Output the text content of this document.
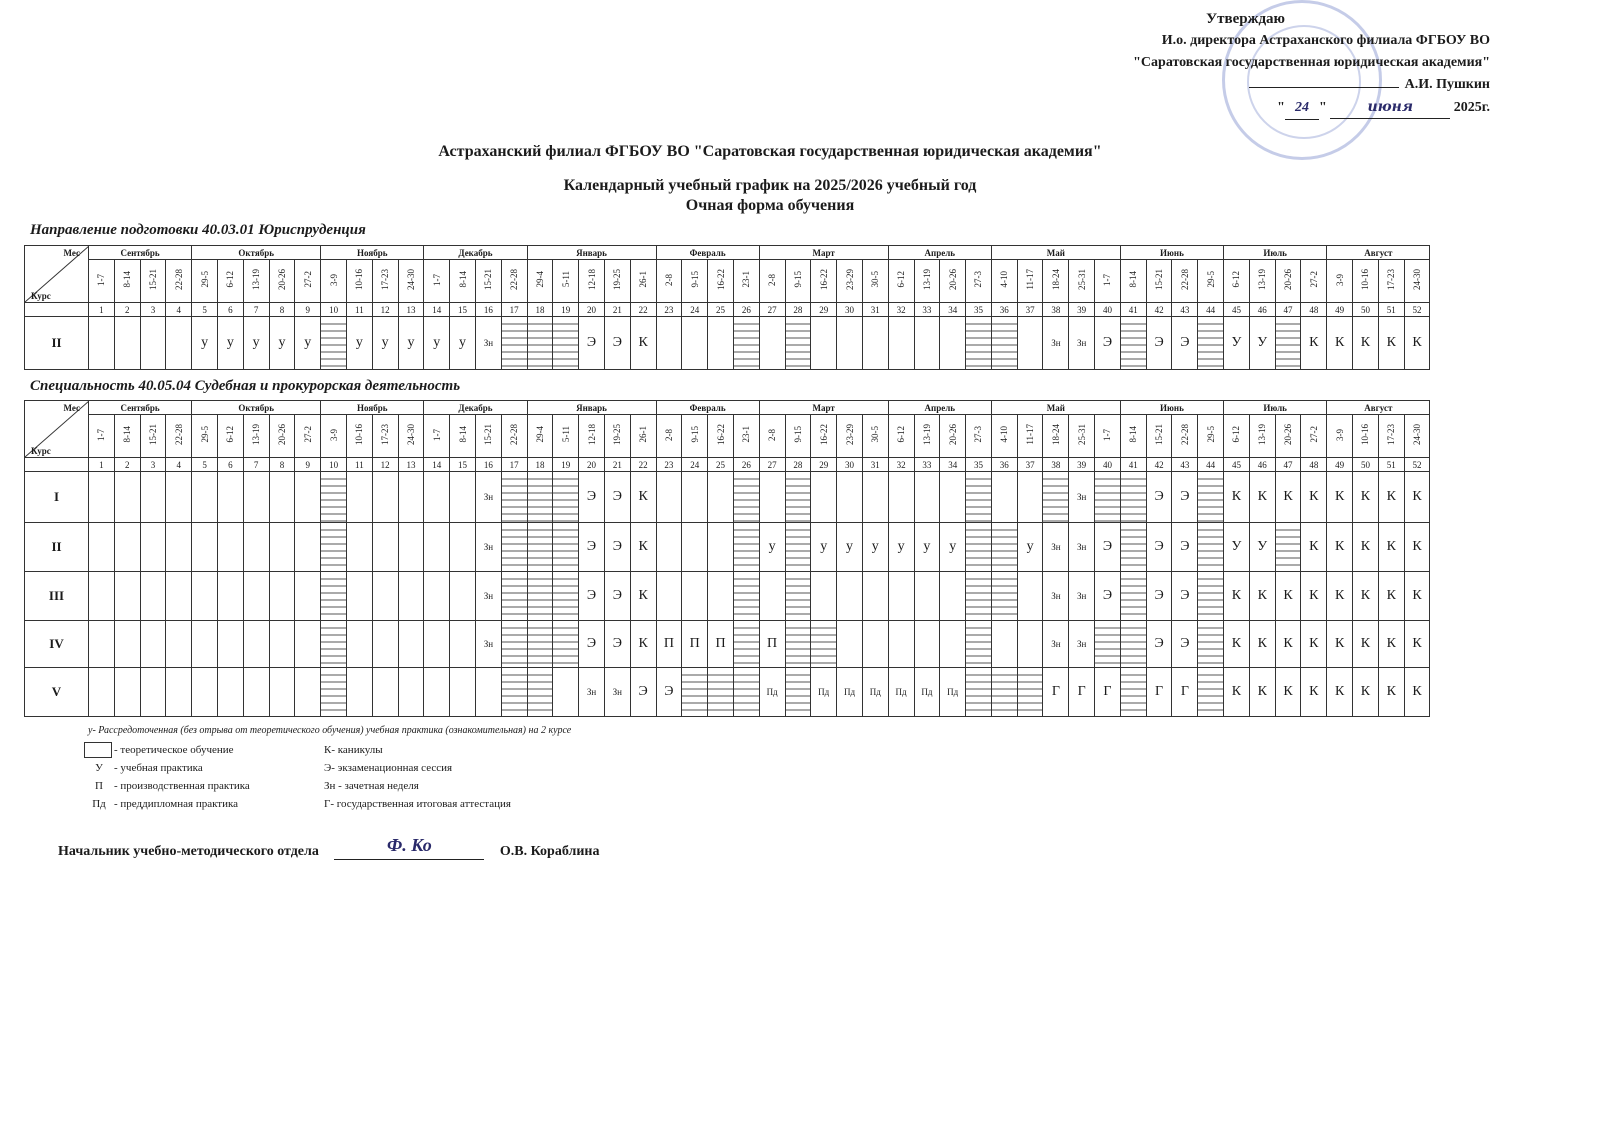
Утверждаю
И.о. директора Астраханского филиала ФГБОУ ВО
"Саратовская государственная юридическая академия"
А.И. Пушкин
" 24 "	июня	2025г.
Астраханский филиал ФГБОУ ВО "Саратовская государственная юридическая академия"
Календарный учебный график на 2025/2026 учебный год
Очная форма обучения
Направление подготовки 40.03.01 Юриспруденция
Мес
Курс	Сентябрь				Октябрь					Ноябрь				Декабрь				Январь					Февраль				Март					Апрель				Май					Июнь				Июль				Август			
	1-7	8-14	15-21	22-28	29-5	6-12	13-19	20-26	27-2	3-9	10-16	17-23	24-30	1-7	8-14	15-21	22-28	29-4	5-11	12-18	19-25	26-1	2-8	9-15	16-22	23-1	2-8	9-15	16-22	23-29	30-5	6-12	13-19	20-26	27-3	4-10	11-17	18-24	25-31	1-7	8-14	15-21	22-28	29-5	6-12	13-19	20-26	27-2	3-9	10-16	17-23	24-30
	1	2	3	4	5	6	7	8	9	10	11	12	13	14	15	16	17	18	19	20	21	22	23	24	25	26	27	28	29	30	31	32	33	34	35	36	37	38	39	40	41	42	43	44	45	46	47	48	49	50	51	52
II					у	у	у	у	у		у	у	у	у	у	Зн				Э	Э	К																Зн	Зн	Э		Э	Э		У	У		К	К	К	К	К
Специальность 40.05.04 Судебная и прокурорская деятельность
Мес
Курс	Сентябрь				Октябрь					Ноябрь				Декабрь				Январь					Февраль				Март					Апрель				Май					Июнь				Июль				Август			
	1-7	8-14	15-21	22-28	29-5	6-12	13-19	20-26	27-2	3-9	10-16	17-23	24-30	1-7	8-14	15-21	22-28	29-4	5-11	12-18	19-25	26-1	2-8	9-15	16-22	23-1	2-8	9-15	16-22	23-29	30-5	6-12	13-19	20-26	27-3	4-10	11-17	18-24	25-31	1-7	8-14	15-21	22-28	29-5	6-12	13-19	20-26	27-2	3-9	10-16	17-23	24-30
	1	2	3	4	5	6	7	8	9	10	11	12	13	14	15	16	17	18	19	20	21	22	23	24	25	26	27	28	29	30	31	32	33	34	35	36	37	38	39	40	41	42	43	44	45	46	47	48	49	50	51	52
I																Зн				Э	Э	К																	Зн			Э	Э		К	К	К	К	К	К	К	К
II																Зн				Э	Э	К					у		у	у	у	у	у	у			у	Зн	Зн	Э		Э	Э		У	У		К	К	К	К	К
III																Зн				Э	Э	К																Зн	Зн	Э		Э	Э		К	К	К	К	К	К	К	К
IV																Зн				Э	Э	К	П	П	П		П											Зн	Зн			Э	Э		К	К	К	К	К	К	К	К
V																				Зн	Зн	Э	Э				Пд		Пд	Пд	Пд	Пд	Пд	Пд				Г	Г	Г		Г	Г		К	К	К	К	К	К	К	К
у- Рассредоточенная (без отрыва от теоретического обучения) учебная практика (ознакомительная) на 2 курсе
- теоретическое обучение	К- каникулы
У - учебная практика	Э- экзаменационная сессия
П - производственная практика	Зн - зачетная неделя
Пд - преддипломная практика	Г- государственная итоговая аттестация
Начальник учебно-методического отдела	Ф. Ко	О.В. Кораблина
